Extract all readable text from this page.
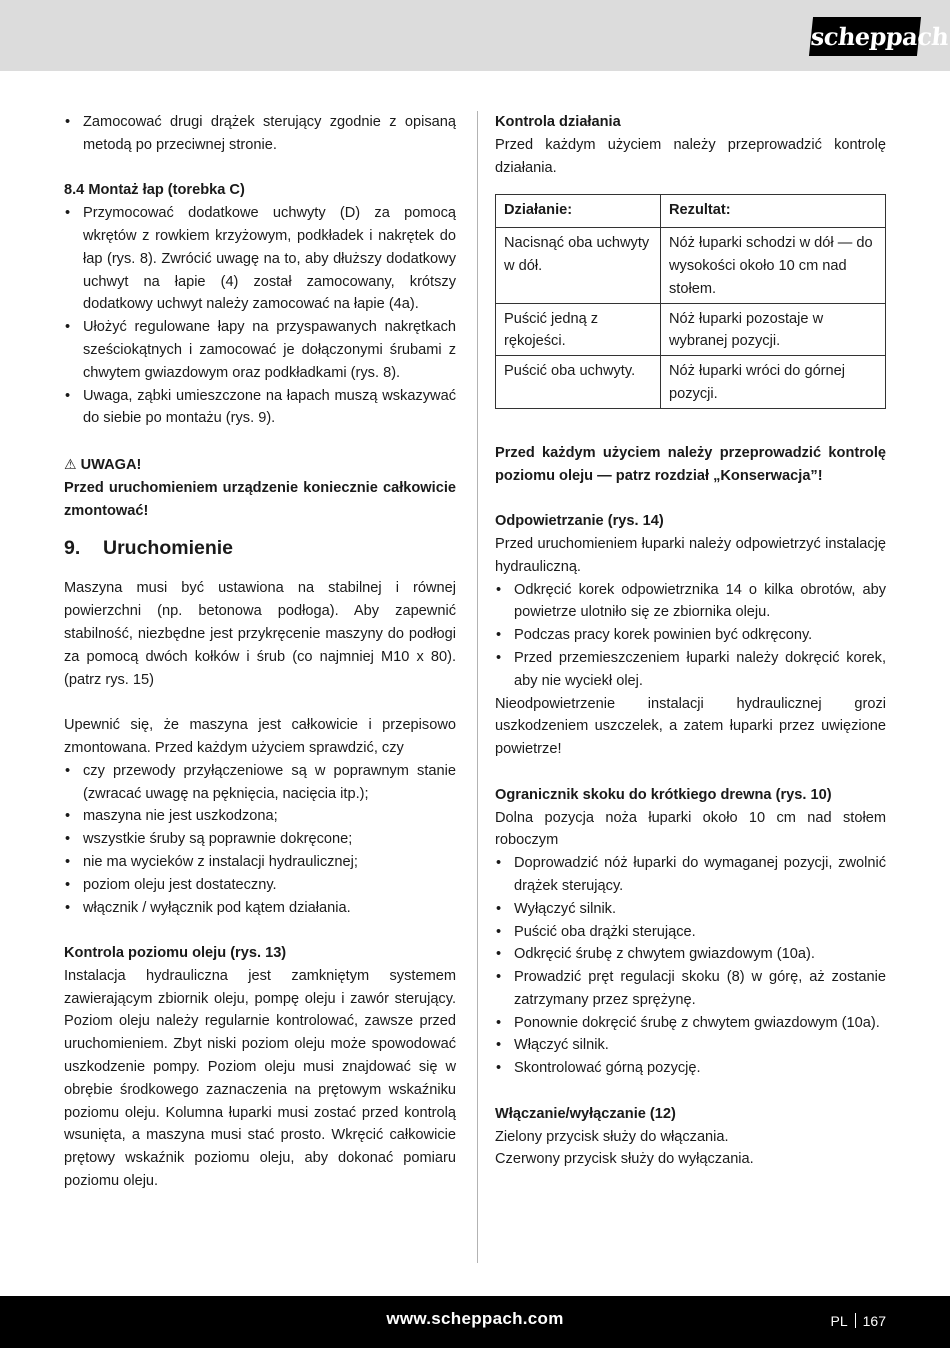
scheppach
• Zamocować drugi drążek sterujący zgodnie z opisaną metodą po przeciwnej stronie.

8.4 Montaż łap (torebka C)

• Przymocować dodatkowe uchwyty (D) za pomocą wkrętów z rowkiem krzyżowym, podkładek i nakrętek do łap (rys. 8). Zwrócić uwagę na to, aby dłuższy dodatkowy uchwyt na łapie (4) został zamocowany, krótszy dodatkowy uchwyt należy zamocować na łapie (4a).
• Ułożyć regulowane łapy na przyspawanych nakrętkach sześciokątnych i zamocować je dołączonymi śrubami z chwytem gwiazdowym oraz podkładkami (rys. 8).
• Uwaga, ząbki umieszczone na łapach muszą wskazywać do siebie po montażu (rys. 9).

⚠ UWAGA!

Przed uruchomieniem urządzenie koniecznie całkowicie zmontować!

9. Uruchomienie

Maszyna musi być ustawiona na stabilnej i równej powierzchni (np. betonowa podłoga). Aby zapewnić stabilność, niezbędne jest przykręcenie maszyny do podłogi za pomocą dwóch kołków i śrub (co najmniej M10 x 80). (patrz rys. 15)

Upewnić się, że maszyna jest całkowicie i przepisowo zmontowana. Przed każdym użyciem sprawdzić, czy

• czy przewody przyłączeniowe są w poprawnym stanie (zwracać uwagę na pęknięcia, nacięcia itp.);
• maszyna nie jest uszkodzona;
• wszystkie śruby są poprawnie dokręcone;
• nie ma wycieków z instalacji hydraulicznej;
• poziom oleju jest dostateczny.
• włącznik / wyłącznik pod kątem działania.

Kontrola poziomu oleju (rys. 13)

Instalacja hydrauliczna jest zamkniętym systemem zawierającym zbiornik oleju, pompę oleju i zawór sterujący. Poziom oleju należy regularnie kontrolować, zawsze przed uruchomieniem. Zbyt niski poziom oleju może spowodować uszkodzenie pompy. Poziom oleju musi znajdować się w obrębie środkowego zaznaczenia na prętowym wskaźniku poziomu oleju. Kolumna łuparki musi zostać przed kontrolą wsunięta, a maszyna musi stać prosto. Wkręcić całkowicie prętowy wskaźnik poziomu oleju, aby dokonać pomiaru poziomu oleju.

Kontrola działania

Przed każdym użyciem należy przeprowadzić kontrolę działania.

Działanie:	Rezultat:
Nacisnąć oba uchwyty w dół.	Nóż łuparki schodzi w dół — do wysokości około 10 cm nad stołem.
Puścić jedną z rękojeści.	Nóż łuparki pozostaje w wybranej pozycji.
Puścić oba uchwyty.	Nóż łuparki wróci do górnej pozycji.

Przed każdym użyciem należy przeprowadzić kontrolę poziomu oleju — patrz rozdział „Konserwacja”!

Odpowietrzanie (rys. 14)

Przed uruchomieniem łuparki należy odpowietrzyć instalację hydrauliczną.

• Odkręcić korek odpowietrznika 14 o kilka obrotów, aby powietrze ulotniło się ze zbiornika oleju.
• Podczas pracy korek powinien być odkręcony.
• Przed przemieszczeniem łuparki należy dokręcić korek, aby nie wyciekł olej.

Nieodpowietrzenie instalacji hydraulicznej grozi uszkodzeniem uszczelek, a zatem łuparki przez uwięzione powietrze!

Ogranicznik skoku do krótkiego drewna (rys. 10)

Dolna pozycja noża łuparki około 10 cm nad stołem roboczym

• Doprowadzić nóż łuparki do wymaganej pozycji, zwolnić drążek sterujący.
• Wyłączyć silnik.
• Puścić oba drążki sterujące.
• Odkręcić śrubę z chwytem gwiazdowym (10a).
• Prowadzić pręt regulacji skoku (8) w górę, aż zostanie zatrzymany przez sprężynę.
• Ponownie dokręcić śrubę z chwytem gwiazdowym (10a).
• Włączyć silnik.
• Skontrolować górną pozycję.

Włączanie/wyłączanie (12)

Zielony przycisk służy do włączania.

Czerwony przycisk służy do wyłączania.

www.scheppach.com	PL 167
